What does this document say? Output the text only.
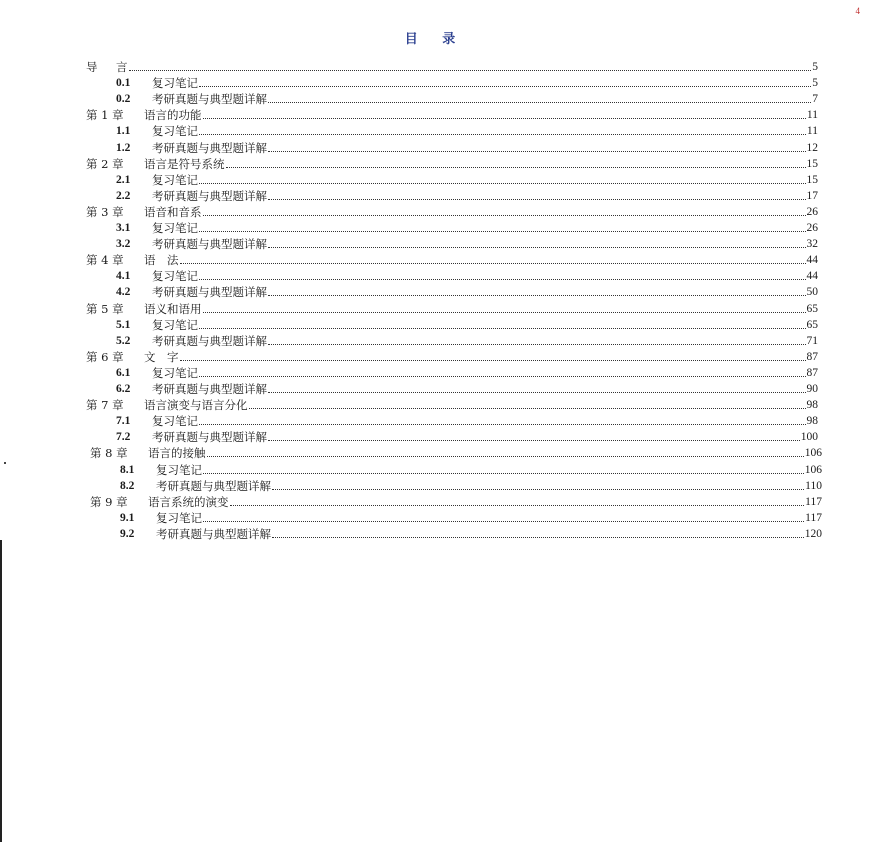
4
目 录
导	言	5
0.1	复习笔记	5
0.2	考研真题与典型题详解	7
第 1 章	语言的功能	11
1.1	复习笔记	11
1.2	考研真题与典型题详解	12
第 2 章	语言是符号系统	15
2.1	复习笔记	15
2.2	考研真题与典型题详解	17
第 3 章	语音和音系	26
3.1	复习笔记	26
3.2	考研真题与典型题详解	32
第 4 章	语　法	44
4.1	复习笔记	44
4.2	考研真题与典型题详解	50
第 5 章	语义和语用	65
5.1	复习笔记	65
5.2	考研真题与典型题详解	71
第 6 章	文　字	87
6.1	复习笔记	87
6.2	考研真题与典型题详解	90
第 7 章	语言演变与语言分化	98
7.1	复习笔记	98
7.2	考研真题与典型题详解	100
第 8 章	语言的接触	106
8.1	复习笔记	106
8.2	考研真题与典型题详解	110
第 9 章	语言系统的演变	117
9.1	复习笔记	117
9.2	考研真题与典型题详解	120
